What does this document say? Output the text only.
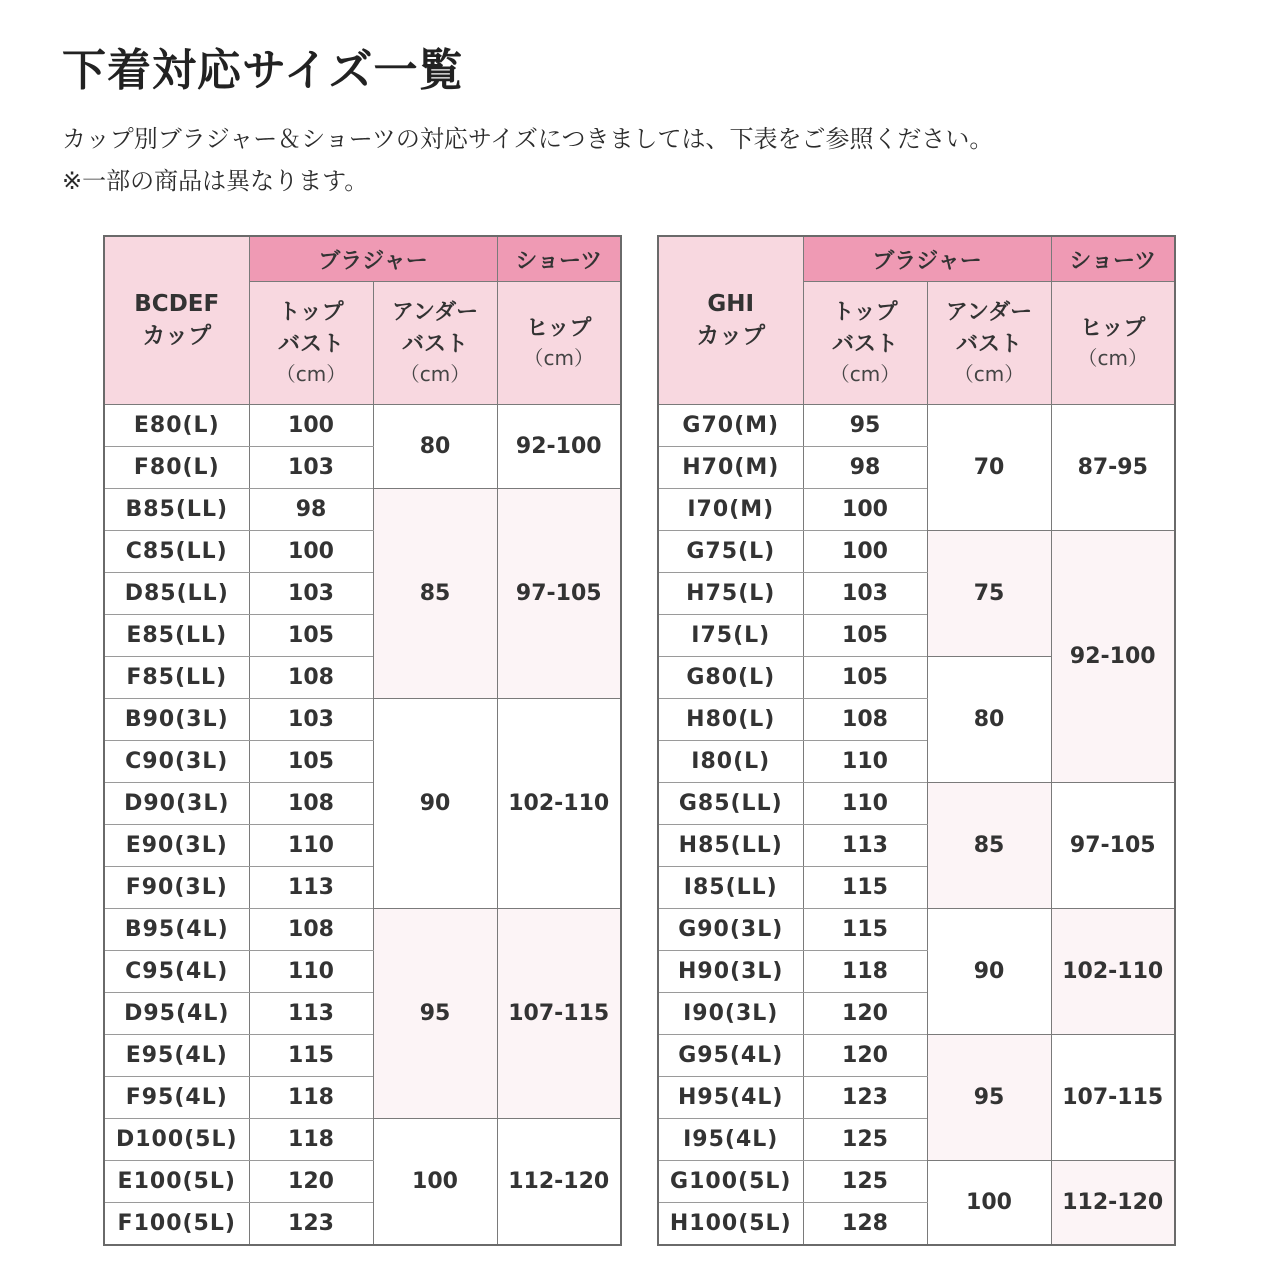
下着対応サイズ一覧

カップ別ブラジャー＆ショーツの対応サイズにつきましては、下表をご参照ください。

※一部の商品は異なります。

BCDEF
カップ	ブラジャー		ショーツ

	トップ
バスト
（cm）	アンダー
バスト
（cm）	ヒップ
（cm）

E80(L)	100	80	92-100
F80(L)	103		
B85(LL)	98	85	97-105
C85(LL)	100		
D85(LL)	103		
E85(LL)	105		
F85(LL)	108		
B90(3L)	103	90	102-110
C90(3L)	105		
D90(3L)	108		
E90(3L)	110		
F90(3L)	113		
B95(4L)	108	95	107-115
C95(4L)	110		
D95(4L)	113		
E95(4L)	115		
F95(4L)	118		
D100(5L)	118	100	112-120
E100(5L)	120		
F100(5L)	123		
GHI
カップ	ブラジャー		ショーツ

	トップ
バスト
（cm）	アンダー
バスト
（cm）	ヒップ
（cm）

G70(M)	95	70	87-95
H70(M)	98		
I70(M)	100		
G75(L)	100	75	92-100
H75(L)	103		
I75(L)	105		
G80(L)	105	80	
H80(L)	108		
I80(L)	110		
G85(LL)	110	85	97-105
H85(LL)	113		
I85(LL)	115		
G90(3L)	115	90	102-110
H90(3L)	118		
I90(3L)	120		
G95(4L)	120	95	107-115
H95(4L)	123		
I95(4L)	125		
G100(5L)	125	100	112-120
H100(5L)	128		
